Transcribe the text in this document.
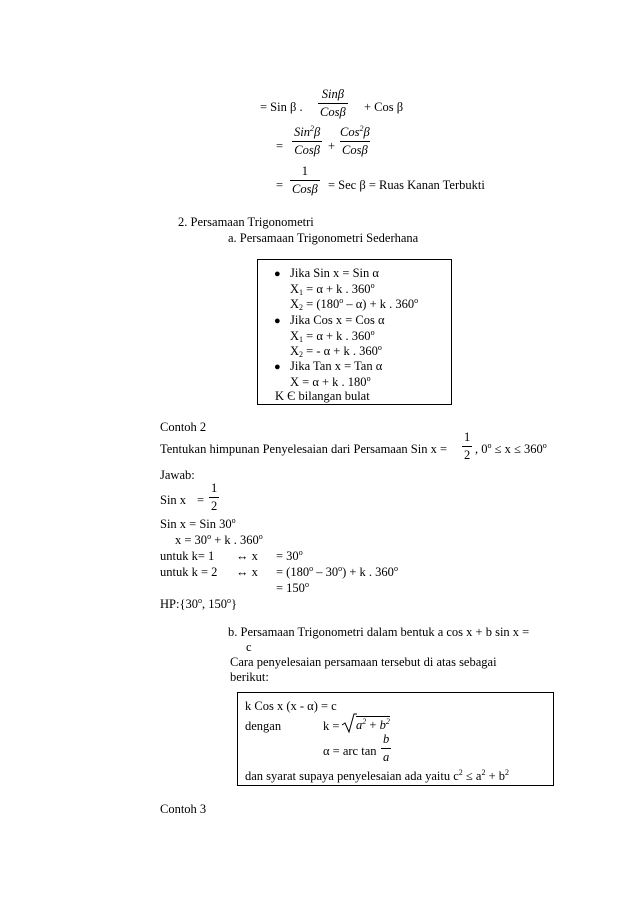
= Sin β .
Sinβ
Cosβ + Cos β
=
Sin$^2$β
Cosβ +
Cos$^2$β
Cosβ
=
1
Cosβ = Sec β = Ruas Kanan Terbukti
2. Persamaan Trigonometri
a. Persamaan Trigonometri Sederhana
● Jika Sin x = Sin α
$X_1 = \alpha + k$ . 360$^o$
$X_2 = (180^o - \alpha) + k$ . 360$^o$
● Jika Cos x = Cos α
$X_1 = \alpha + k$ . 360$^o$
$X_2$ = - α + k . 360$^o$
● Jika Tan x = Tan α
X = α + k . 180$^o$
K Є bilangan bulat
Contoh 2
Tentukan himpunan Penyelesaian dari Persamaan Sin $x = \frac{1}{2}$ , $0^o \le x \le 360^o$
Jawab:
Sin $x = \frac{1}{2}$
Sin x = Sin 30$^o$
$x = 30^o + k$ . 360$^o$
untuk k= 1 ↔ $x = 30^o$
untuk k = 2 ↔ $x = (180^o - 30^o) + k$ . $360^o$
= $150^o$
HP:{30$^o$, 150$^o$}
b. Persamaan Trigonometri dalam bentuk a cos x + b sin x =
c
Cara penyelesaian persamaan tersebut di atas sebagai
berikut:
k Cos x (x - α) = c
dengan	$k = a^2 + b^2$
α = arc $\tan \frac{b}{a}$
dan syarat supaya penyelesaian ada yaitu $c^2 \le a^2 + b^2$
Contoh 3
